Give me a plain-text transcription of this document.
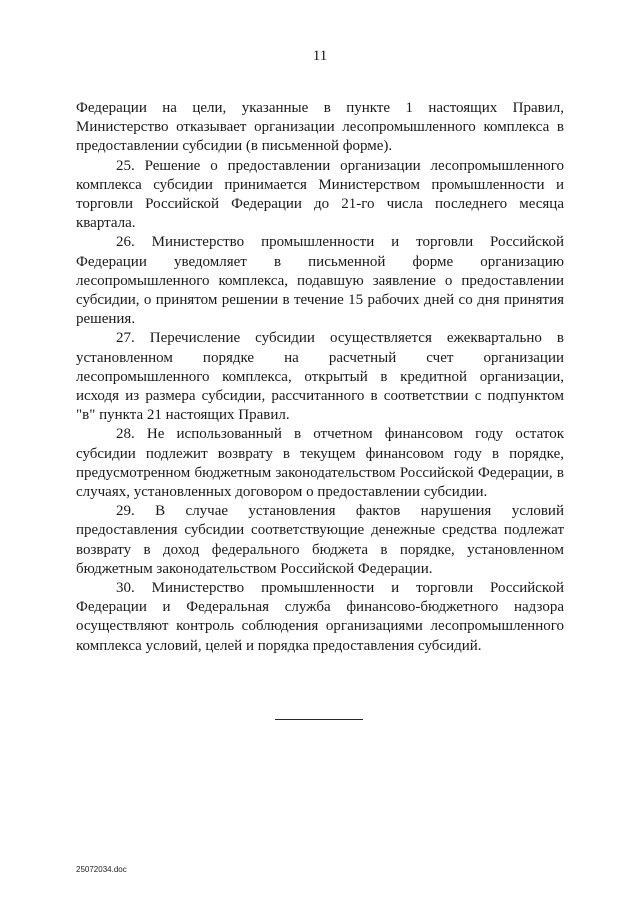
11

Федерации на цели, указанные в пункте 1 настоящих Правил, Министерство отказывает организации лесопромышленного комплекса в предоставлении субсидии (в письменной форме).

25. Решение о предоставлении организации лесопромышленного комплекса субсидии принимается Министерством промышленности и торговли Российской Федерации до 21-го числа последнего месяца квартала.

26. Министерство промышленности и торговли Российской Федерации уведомляет в письменной форме организацию лесопромышленного комплекса, подавшую заявление о предоставлении субсидии, о принятом решении в течение 15 рабочих дней со дня принятия решения.

27. Перечисление субсидии осуществляется ежеквартально в установленном порядке на расчетный счет организации лесопромышленного комплекса, открытый в кредитной организации, исходя из размера субсидии, рассчитанного в соответствии с подпунктом "в" пункта 21 настоящих Правил.

28. Не использованный в отчетном финансовом году остаток субсидии подлежит возврату в текущем финансовом году в порядке, предусмотренном бюджетным законодательством Российской Федерации, в случаях, установленных договором о предоставлении субсидии.

29. В случае установления фактов нарушения условий предоставления субсидии соответствующие денежные средства подлежат возврату в доход федерального бюджета в порядке, установленном бюджетным законодательством Российской Федерации.

30. Министерство промышленности и торговли Российской Федерации и Федеральная служба финансово-бюджетного надзора осуществляют контроль соблюдения организациями лесопромышленного комплекса условий, целей и порядка предоставления субсидий.

25072034.doc
